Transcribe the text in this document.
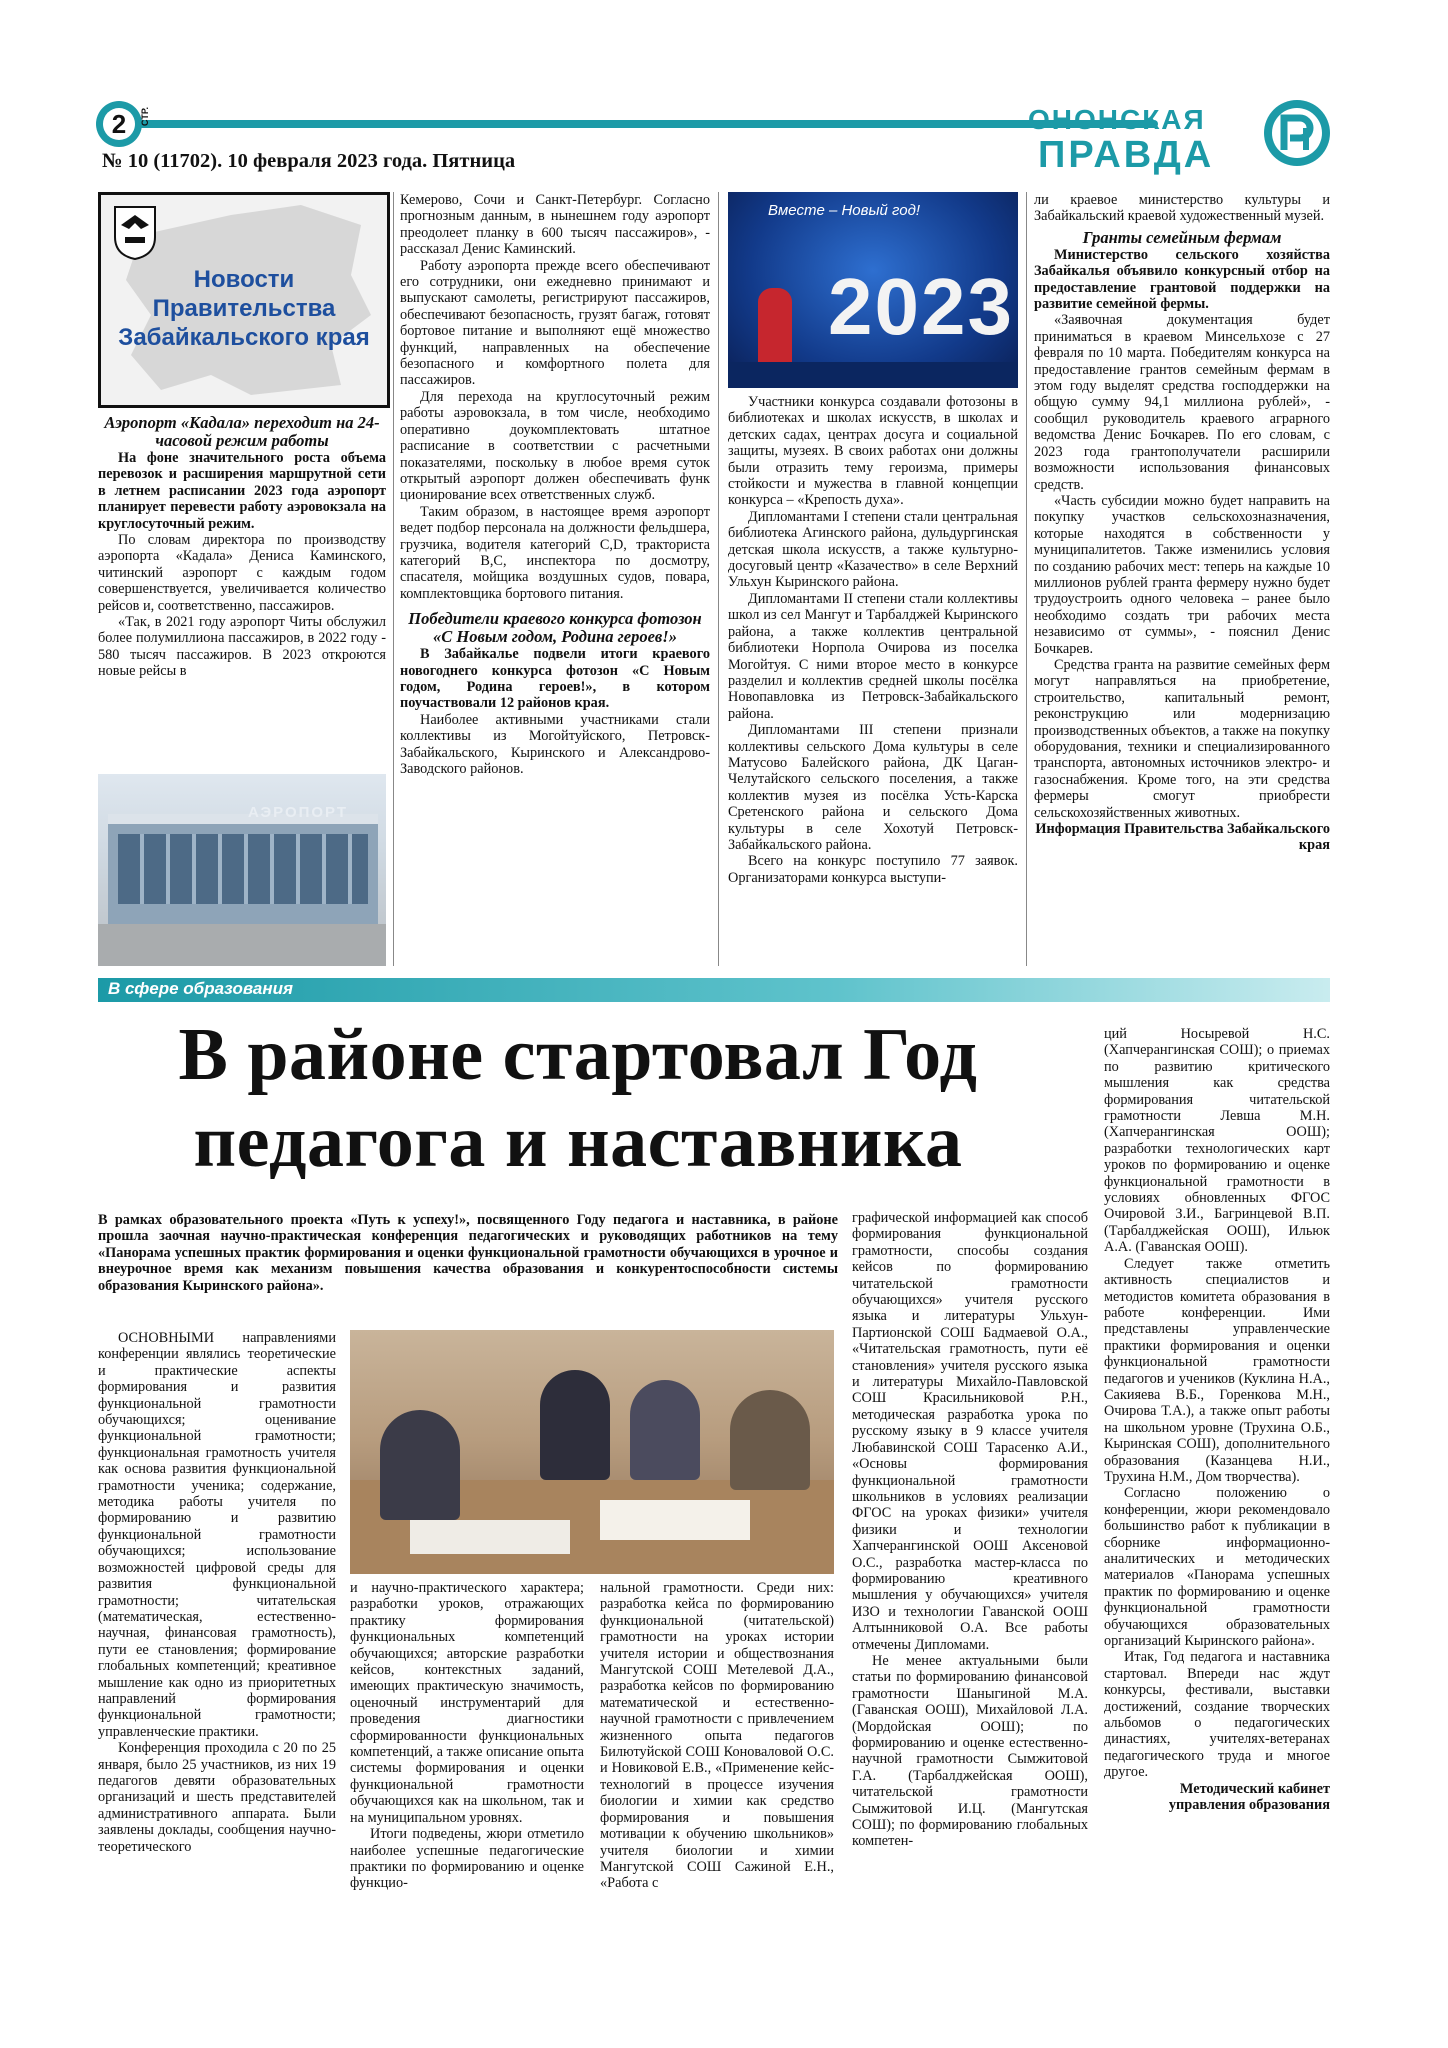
2	СТР.	ОНОНСКАЯ
ПРАВДА
№ 10 (11702). 10 февраля 2023 года. Пятница
Новости Правительства Забайкальского края
Вместе – Новый год!
2023
АЭРОПОРТ

Аэропорт «Кадала» переходит на 24-часовой режим работы

На фоне значительного роста объема перевозок и расширения маршрутной сети в летнем расписании 2023 года аэропорт планирует перевести работу аэровокзала на круглосуточный режим.

По словам директора по производству аэропорта «Кадала» Дениса Каминского, читинский аэропорт с каждым годом совершенствуется, увеличивается количество рейсов и, соответственно, пассажиров.

«Так, в 2021 году аэропорт Читы обслужил более полумиллиона пассажиров, в 2022 году - 580 тысяч пассажиров. В 2023 откроются новые рейсы в

Кемерово, Сочи и Санкт-Петербург. Согласно прогнозным данным, в нынешнем году аэропорт преодолеет планку в 600 тысяч пассажиров», - рассказал Денис Каминский.

Работу аэропорта прежде всего обеспечивают его сотрудники, они ежедневно принимают и выпускают самолеты, регистрируют пассажиров, обеспечивают безопасность, грузят багаж, готовят бортовое питание и выполняют ещё множество функций, направленных на обеспечение безопасного и комфортного полета для пассажиров.

Для перехода на круглосуточный режим работы аэровокзала, в том числе, необходимо оперативно доукомплектовать штатное расписание в соответствии с расчетными показателями, поскольку в любое время суток открытый аэропорт должен обеспечивать функ ционирование всех ответственных служб.

Таким образом, в настоящее время аэропорт ведет подбор персонала на должности фельдшера, грузчика, водителя категорий C,D, тракториста категорий B,C, инспектора по досмотру, спасателя, мойщика воздушных судов, повара, комплектовщика бортового питания.

Победители краевого конкурса фотозон «С Новым годом, Родина героев!»

В Забайкалье подвели итоги краевого новогоднего конкурса фотозон «С Новым годом, Родина героев!», в котором поучаствовали 12 районов края.

Наиболее активными участниками стали коллективы из Могойтуйского, Петровск-Забайкальского, Кыринского и Александрово-Заводского районов.

Участники конкурса создавали фотозоны в библиотеках и школах искусств, в школах и детских садах, центрах досуга и социальной защиты, музеях. В своих работах они должны были отразить тему героизма, примеры стойкости и мужества в главной концепции конкурса – «Крепость духа».

Дипломантами I степени стали центральная библиотека Агинского района, дульдургинская детская школа искусств, а также культурно-досуговый центр «Казачество» в селе Верхний Ульхун Кыринского района.

Дипломантами II степени стали коллективы школ из сел Мангут и Тарбалджей Кыринского района, а также коллектив центральной библиотеки Норпола Очирова из поселка Могойтуя. С ними второе место в конкурсе разделил и коллектив средней школы посёлка Новопавловка из Петровск-Забайкальского района.

Дипломантами III степени признали коллективы сельского Дома культуры в селе Матусово Балейского района, ДК Цаган-Челутайского сельского поселения, а также коллектив музея из посёлка Усть-Карска Сретенского района и сельского Дома культуры в селе Хохотуй Петровск-Забайкальского района.

Всего на конкурс поступило 77 заявок. Организаторами конкурса выступи-

ли краевое министерство культуры и Забайкальский краевой художественный музей.

Гранты семейным фермам

Министерство сельского хозяйства Забайкалья объявило конкурсный отбор на предоставление грантовой поддержки на развитие семейной фермы.

«Заявочная документация будет приниматься в краевом Минсельхозе с 27 февраля по 10 марта. Победителям конкурса на предоставление грантов семейным фермам в этом году выделят средства господдержки на общую сумму 94,1 миллиона рублей», - сообщил руководитель краевого аграрного ведомства Денис Бочкарев. По его словам, с 2023 года грантополучатели расширили возможности использования финансовых средств.

«Часть субсидии можно будет направить на покупку участков сельскохозназначения, которые находятся в собственности у муниципалитетов. Также изменились условия по созданию рабочих мест: теперь на каждые 10 миллионов рублей гранта фермеру нужно будет трудоустроить одного человека – ранее было необходимо создать три рабочих места независимо от суммы», - пояснил Денис Бочкарев.

Средства гранта на развитие семейных ферм могут направляться на приобретение, строительство, капитальный ремонт, реконструкцию или модернизацию производственных объектов, а также на покупку оборудования, техники и специализированного транспорта, автономных источников электро- и газоснабжения. Кроме того, на эти средства фермеры смогут приобрести сельскохозяйственных животных.

Информация Правительства Забайкальского края

В сфере образования
В районе стартовал Год
педагога и наставника
В рамках образовательного проекта «Путь к успеху!», посвященного Году педагога и наставника, в районе прошла заочная научно-практическая конференция педагогических и руководящих работников на тему «Панорама успешных практик формирования и оценки функциональной грамотности обучающихся в урочное и внеурочное время как механизм повышения качества образования и конкурентоспособности системы образования Кыринского района».

ОСНОВНЫМИ направлениями конференции являлись теоретические и практические аспекты формирования и развития функциональной грамотности обучающихся; оценивание функциональной грамотности; функциональная грамотность учителя как основа развития функциональной грамотности ученика; содержание, методика работы учителя по формированию и развитию функциональной грамотности обучающихся; использование возможностей цифровой среды для развития функциональной грамотности; читательская (математическая, естественно-научная, финансовая грамотность), пути ее становления; формирование глобальных компетенций; креативное мышление как одно из приоритетных направлений формирования функциональной грамотности; управленческие практики.

Конференция проходила с 20 по 25 января, было 25 участников, из них 19 педагогов девяти образовательных организаций и шесть представителей административного аппарата. Были заявлены доклады, сообщения научно-теоретического

и научно-практического характера; разработки уроков, отражающих практику формирования функциональных компетенций обучающихся; авторские разработки кейсов, контекстных заданий, имеющих практическую значимость, оценочный инструментарий для проведения диагностики сформированности функциональных компетенций, а также описание опыта системы формирования и оценки функциональной грамотности обучающихся как на школьном, так и на муниципальном уровнях.

Итоги подведены, жюри отметило наиболее успешные педагогические практики по формированию и оценке функцио-

нальной грамотности. Среди них: разработка кейса по формированию функциональной (читательской) грамотности на уроках истории учителя истории и обществознания Мангутской СОШ Метелевой Д.А., разработка кейсов по формированию математической и естественно-научной грамотности с привлечением жизненного опыта педагогов Билютуйской СОШ Коноваловой О.С. и Новиковой Е.В., «Применение кейс-технологий в процессе изучения биологии и химии как средство формирования и повышения мотивации к обучению школьников» учителя биологии и химии Мангутской СОШ Сажиной Е.Н., «Работа с

графической информацией как способ формирования функциональной грамотности, способы создания кейсов по формированию читательской грамотности обучающихся» учителя русского языка и литературы Ульхун-Партионской СОШ Бадмаевой О.А., «Читательская грамотность, пути её становления» учителя русского языка и литературы Михайло-Павловской СОШ Красильниковой Р.Н., методическая разработка урока по русскому языку в 9 классе учителя Любавинской СОШ Тарасенко А.И., «Основы формирования функциональной грамотности школьников в условиях реализации ФГОС на уроках физики» учителя физики и технологии Хапчерангинской ООШ Аксеновой О.С., разработка мастер-класса по формированию креативного мышления у обучающихся» учителя ИЗО и технологии Гаванской ООШ Алтынниковой О.А. Все работы отмечены Дипломами.

Не менее актуальными были статьи по формированию финансовой грамотности Шаныгиной М.А. (Гаванская ООШ), Михайловой Л.А. (Мордойская ООШ); по формированию и оценке естественно-научной грамотности Сымжитовой Г.А. (Тарбалджейская ООШ), читательской грамотности Сымжитовой И.Ц. (Мангутская СОШ); по формированию глобальных компетен-

ций Носыревой Н.С. (Хапчерангинская СОШ); о приемах по развитию критического мышления как средства формирования читательской грамотности Левша М.Н. (Хапчерангинская ООШ); разработки технологических карт уроков по формированию и оценке функциональной грамотности в условиях обновленных ФГОС Очировой З.И., Багринцевой В.П. (Тарбалджейская ООШ), Ильюк А.А. (Гаванская ООШ).

Следует также отметить активность специалистов и методистов комитета образования в работе конференции. Ими представлены управленческие практики формирования и оценки функциональной грамотности педагогов и учеников (Куклина Н.А., Сакияева В.Б., Горенкова М.Н., Очирова Т.А.), а также опыт работы на школьном уровне (Трухина О.Б., Кыринская СОШ), дополнительного образования (Казанцева Н.И., Трухина Н.М., Дом творчества).

Согласно положению о конференции, жюри рекомендовало большинство работ к публикации в сборнике информационно-аналитических и методических материалов «Панорама успешных практик по формированию и оценке функциональной грамотности обучающихся образовательных организаций Кыринского района».

Итак, Год педагога и наставника стартовал. Впереди нас ждут конкурсы, фестивали, выставки достижений, создание творческих альбомов о педагогических династиях, учителях-ветеранах педагогического труда и многое другое.

Методический кабинет управления образования
